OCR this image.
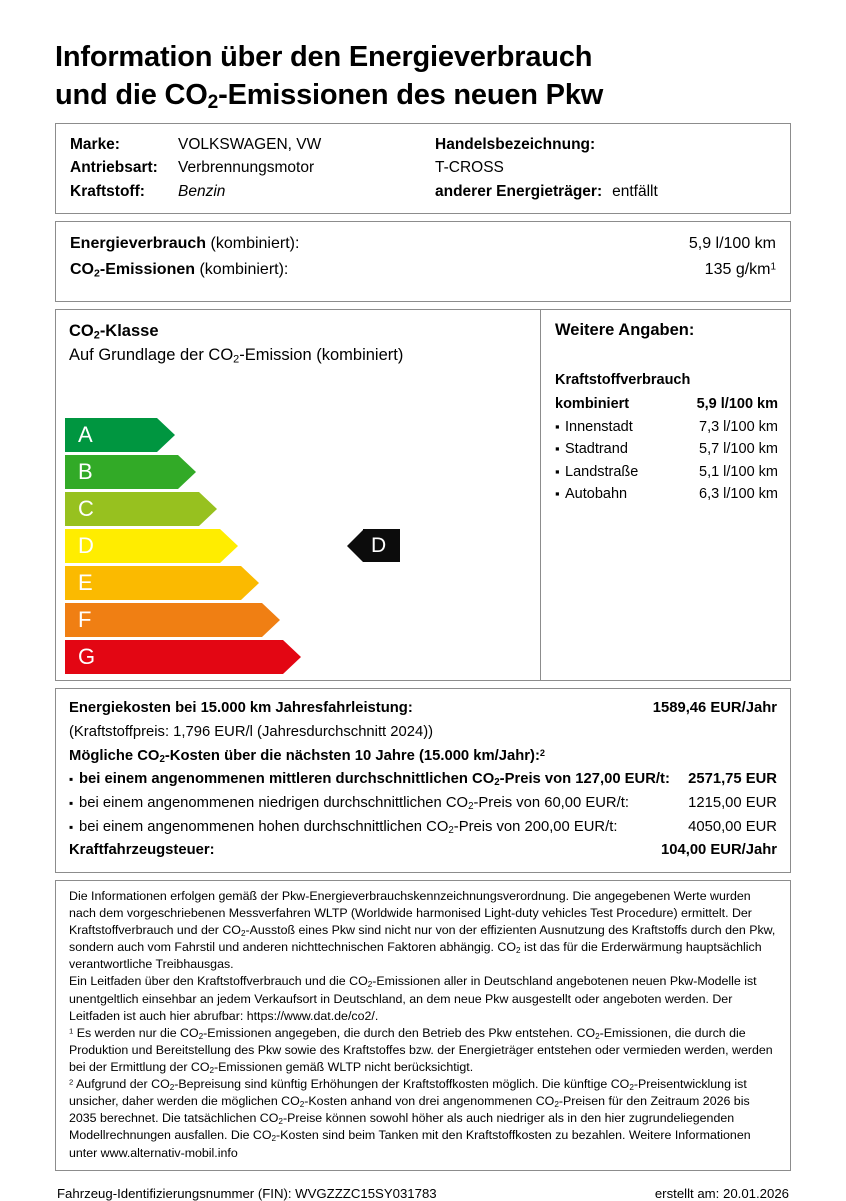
Information über den Energieverbrauch
und die $CO_2$-Emissionen des neuen Pkw
Marke:	VOLKSWAGEN, VW	Handelsbezeichnung:
Antriebsart:	Verbrennungsmotor	T-CROSS
Kraftstoff:	Benzin	anderer Energieträger: entfällt
Energieverbrauch (kombiniert):	5,9 l/100 km
$CO_2$-Emissionen (kombiniert):	135 $g/km^1$
$CO_2$-Klasse
Auf Grundlage der $CO_2$-Emission (kombiniert)
A
B
C
D
E
F
G
D
Weitere Angaben:
Kraftstoffverbrauch
kombiniert	5,9 l/100 km
▪ Innenstadt	7,3 l/100 km
▪ Stadtrand	5,7 l/100 km
▪ Landstraße	5,1 l/100 km
▪ Autobahn	6,3 l/100 km
Energiekosten bei 15.000 km Jahresfahrleistung:	1589,46 EUR/Jahr
(Kraftstoffpreis: 1,796 EUR/l (Jahresdurchschnitt 2024))
Mögliche $CO_2$-Kosten über die nächsten 10 Jahre (15.000 km/Jahr):$^2$
▪ bei einem angenommenen mittleren durchschnittlichen $CO_2$-Preis von 127,00 EUR/t:	2571,75 EUR
▪ bei einem angenommenen niedrigen durchschnittlichen $CO_2$-Preis von 60,00 EUR/t:	1215,00 EUR
▪ bei einem angenommenen hohen durchschnittlichen $CO_2$-Preis von 200,00 EUR/t:	4050,00 EUR
Kraftfahrzeugsteuer:	104,00 EUR/Jahr

Die Informationen erfolgen gemäß der Pkw-Energieverbrauchskennzeichnungsverordnung. Die angegebenen Werte wurden nach dem vorgeschriebenen Messverfahren WLTP (Worldwide harmonised Light-duty vehicles Test Procedure) ermittelt. Der Kraftstoffverbrauch und der $CO_2$-Ausstoß eines Pkw sind nicht nur von der effizienten Ausnutzung des Kraftstoffs durch den Pkw, sondern auch vom Fahrstil und anderen nichttechnischen Faktoren abhängig. $CO_2$ ist das für die Erderwärmung hauptsächlich verantwortliche Treibhausgas.

Ein Leitfaden über den Kraftstoffverbrauch und die $CO_2$-Emissionen aller in Deutschland angebotenen neuen Pkw-Modelle ist unentgeltlich einsehbar an jedem Verkaufsort in Deutschland, an dem neue Pkw ausgestellt oder angeboten werden. Der Leitfaden ist auch hier abrufbar: https://www.dat.de/co2/.

$^1$ Es werden nur die $CO_2$-Emissionen angegeben, die durch den Betrieb des Pkw entstehen. $CO_2$-Emissionen, die durch die Produktion und Bereitstellung des Pkw sowie des Kraftstoffes bzw. der Energieträger entstehen oder vermieden werden, werden bei der Ermittlung der $CO_2$-Emissionen gemäß WLTP nicht berücksichtigt.

$^2$ Aufgrund der $CO_2$-Bepreisung sind künftig Erhöhungen der Kraftstoffkosten möglich. Die künftige $CO_2$-Preisentwicklung ist unsicher, daher werden die möglichen $CO_2$-Kosten anhand von drei angenommenen $CO_2$-Preisen für den Zeitraum 2026 bis 2035 berechnet. Die tatsächlichen $CO_2$-Preise können sowohl höher als auch niedriger als in den hier zugrundeliegenden Modellrechnungen ausfallen. Die $CO_2$-Kosten sind beim Tanken mit den Kraftstoffkosten zu bezahlen. Weitere Informationen unter www.alternativ-mobil.info

Fahrzeug-Identifizierungsnummer (FIN): WVGZZZC15SY031783	erstellt am: 20.01.2026
